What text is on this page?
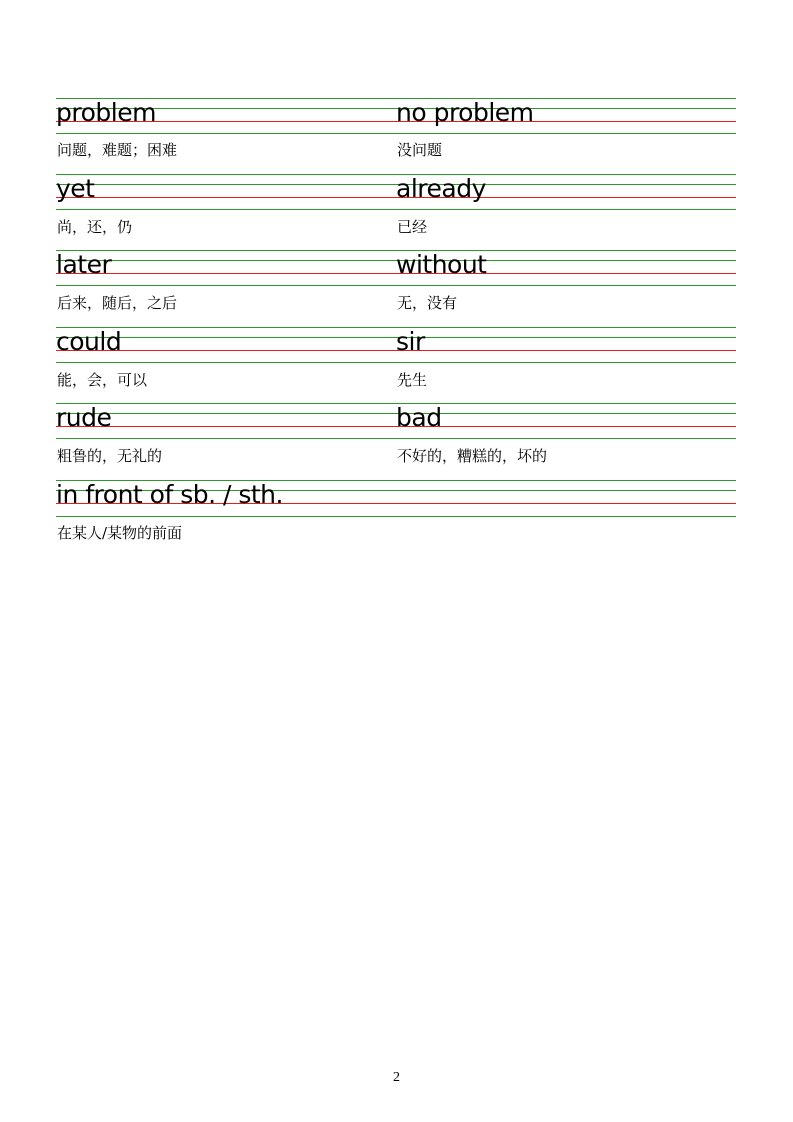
problem	no problem
问题，难题；困难	没问题
yet	already
尚，还，仍	已经
later	without
后来，随后，之后	无，没有
could	sir
能，会，可以	先生
rude	bad
粗鲁的，无礼的	不好的，糟糕的，坏的
in front of sb. / sth.
在某人/某物的前面
2
